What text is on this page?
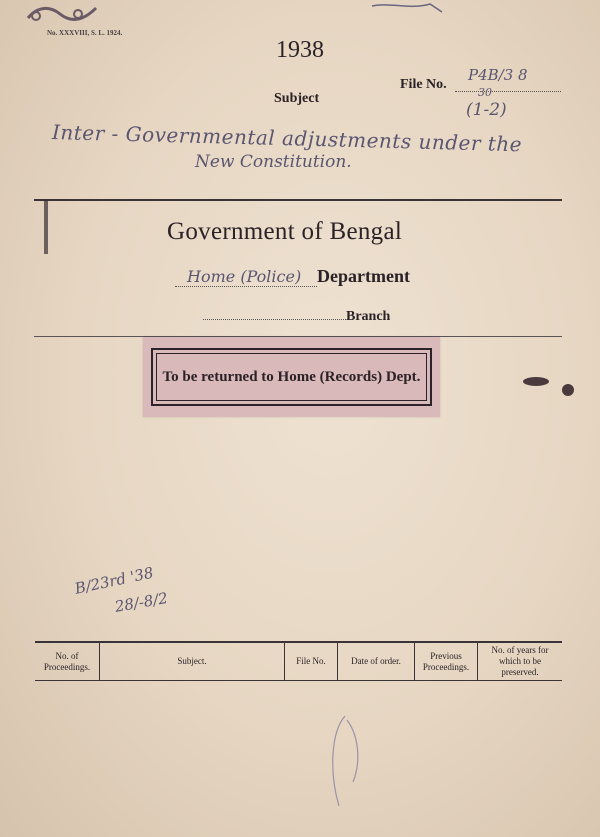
No. XXXVIII, S. L. 1924.
1938
File No.
P4B/3 8
30
(1-2)
Subject
Inter - Governmental adjustments under the
New Constitution.
Government of Bengal
Home (Police) Department
Branch
To be returned to Home (Records) Dept.
B/23rd '38
28/-8/2
No. of Proceedings.	Subject.	File No.	Date of order.	Previous Proceedings.	No. of years for which to be preserved.
